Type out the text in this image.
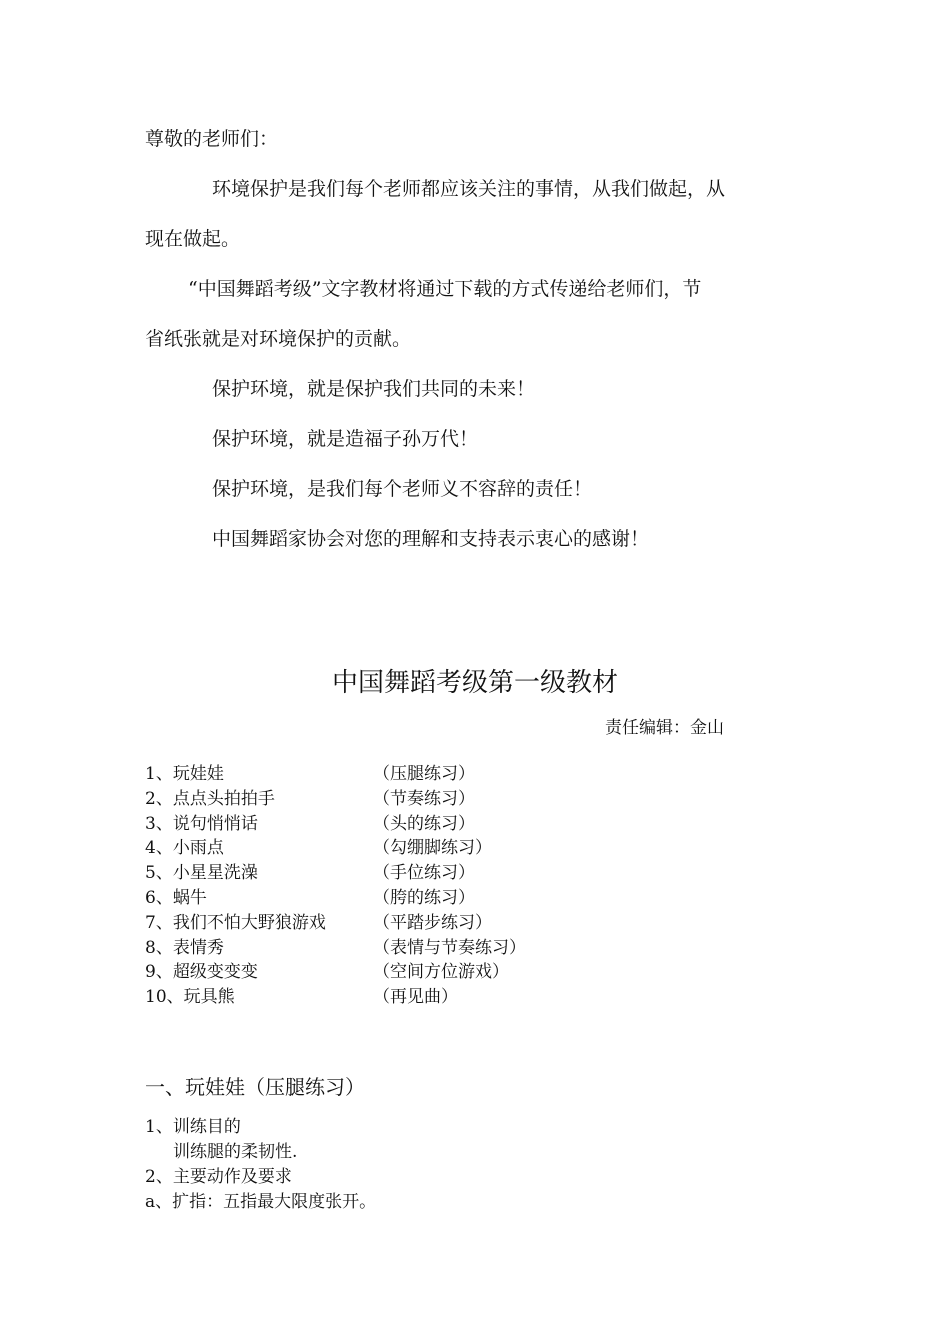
尊敬的老师们：
环境保护是我们每个老师都应该关注的事情，从我们做起，从
现在做起。
“中国舞蹈考级”文字教材将通过下载的方式传递给老师们，节
省纸张就是对环境保护的贡献。
保护环境，就是保护我们共同的未来！
保护环境，就是造福子孙万代！
保护环境，是我们每个老师义不容辞的责任！
中国舞蹈家协会对您的理解和支持表示衷心的感谢！
中国舞蹈考级第一级教材
责任编辑：金山
1、玩娃娃	（压腿练习）
2、点点头拍拍手	（节奏练习）
3、说句悄悄话	（头的练习）
4、小雨点	（勾绷脚练习）
5、小星星洗澡	（手位练习）
6、蜗牛	（胯的练习）
7、我们不怕大野狼游戏	（平踏步练习）
8、表情秀	（表情与节奏练习）
9、超级变变变	（空间方位游戏）
10、玩具熊	（再见曲）
一、玩娃娃（压腿练习）
1、训练目的
训练腿的柔韧性.
2、主要动作及要求
a、扩指：五指最大限度张开。
